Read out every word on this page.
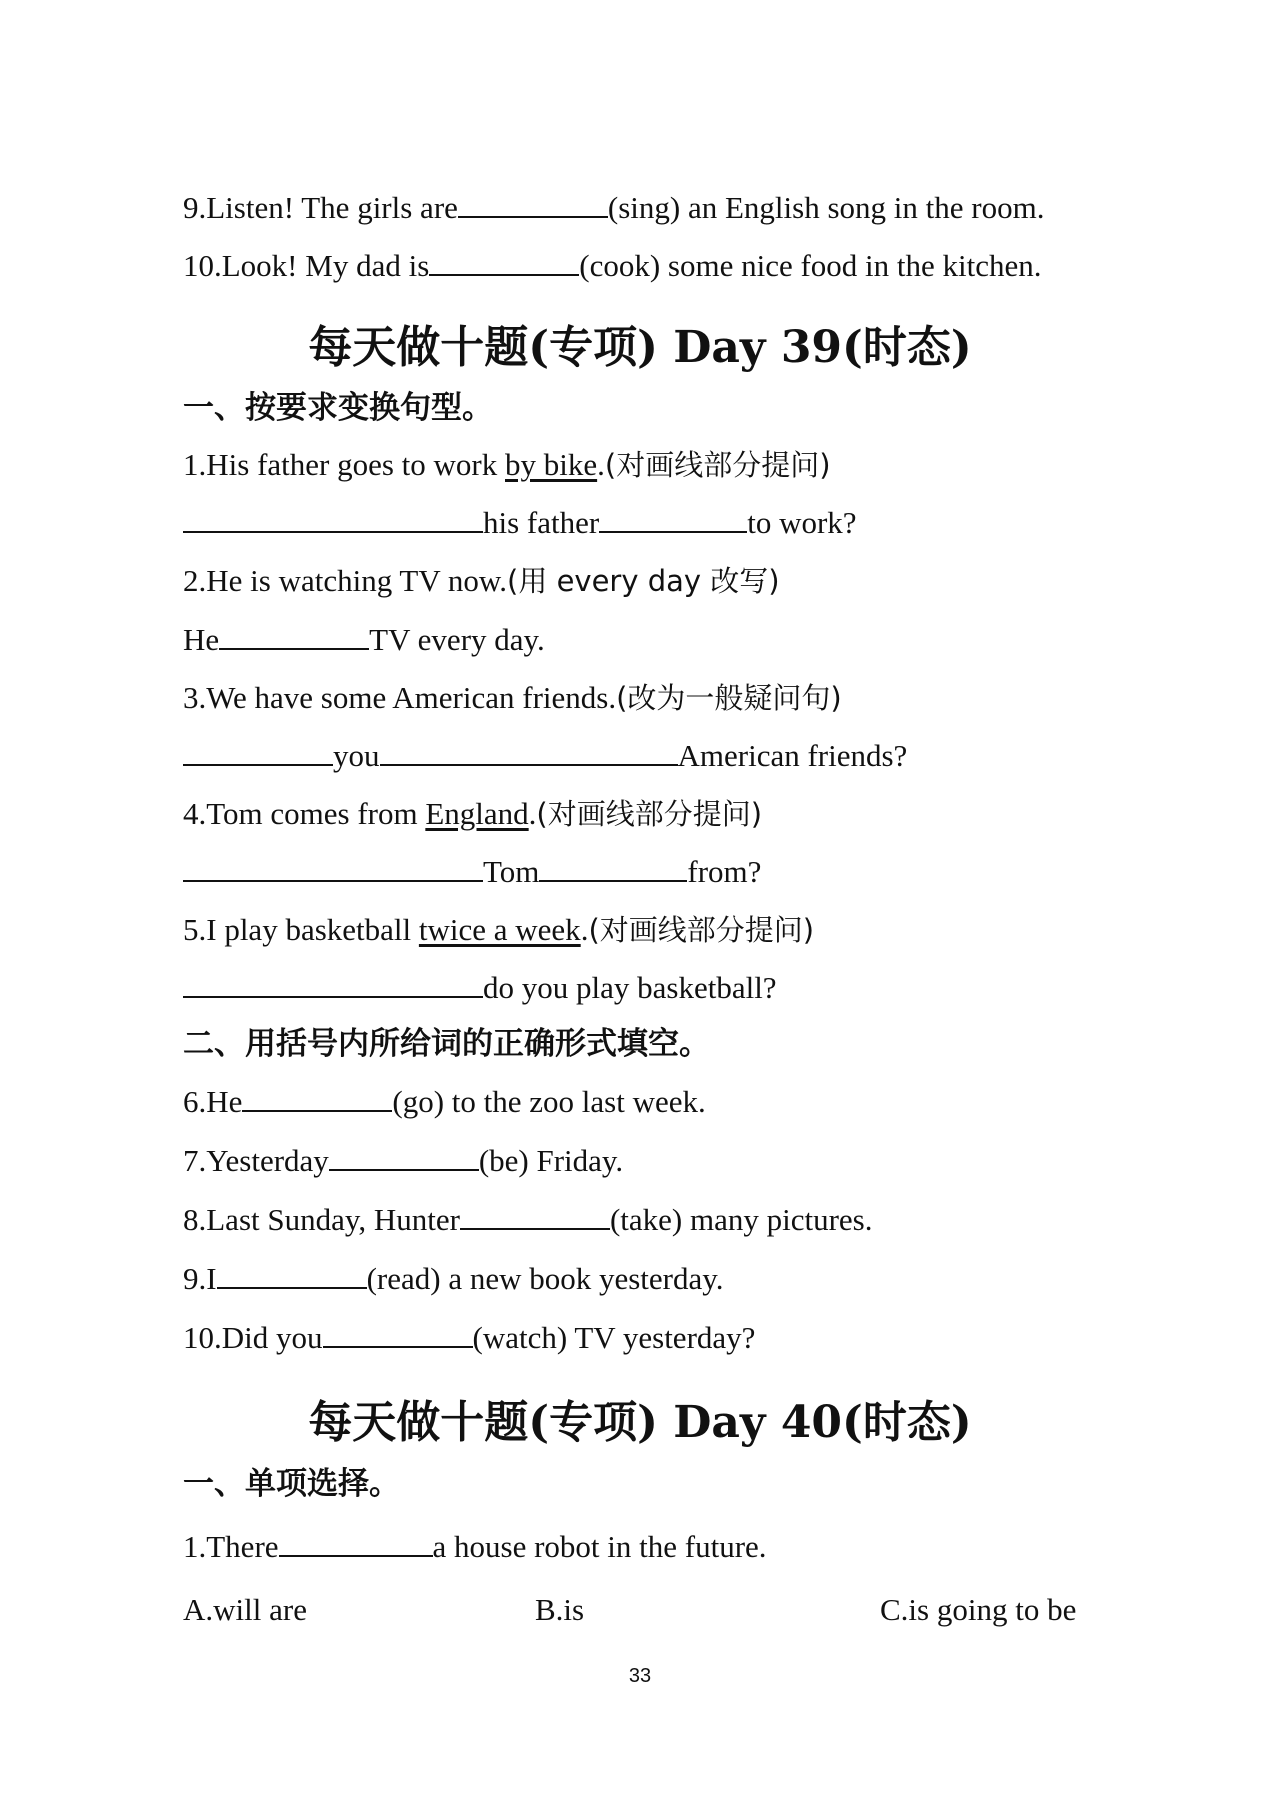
9.Listen! The girls are	(sing) an English song in the room.
10.Look! My dad is	(cook) some nice food in the kitchen.
每天做十题(专项) Day 39(时态)
一、按要求变换句型。
1.His father goes to work by bike.(对画线部分提问)
his father	to work?
2.He is watching TV now.(用 every day 改写)
He	TV every day.
3.We have some American friends.(改为一般疑问句)
you	American friends?
4.Tom comes from England.(对画线部分提问)
Tom	from?
5.I play basketball twice a week.(对画线部分提问)
do you play basketball?
二、用括号内所给词的正确形式填空。
6.He	(go) to the zoo last week.
7.Yesterday	(be) Friday.
8.Last Sunday, Hunter	(take) many pictures.
9.I	(read) a new book yesterday.
10.Did you	(watch) TV yesterday?
每天做十题(专项) Day 40(时态)
一、单项选择。
1.There	a house robot in the future.
A.will are	B.is	C.is going to be
33
